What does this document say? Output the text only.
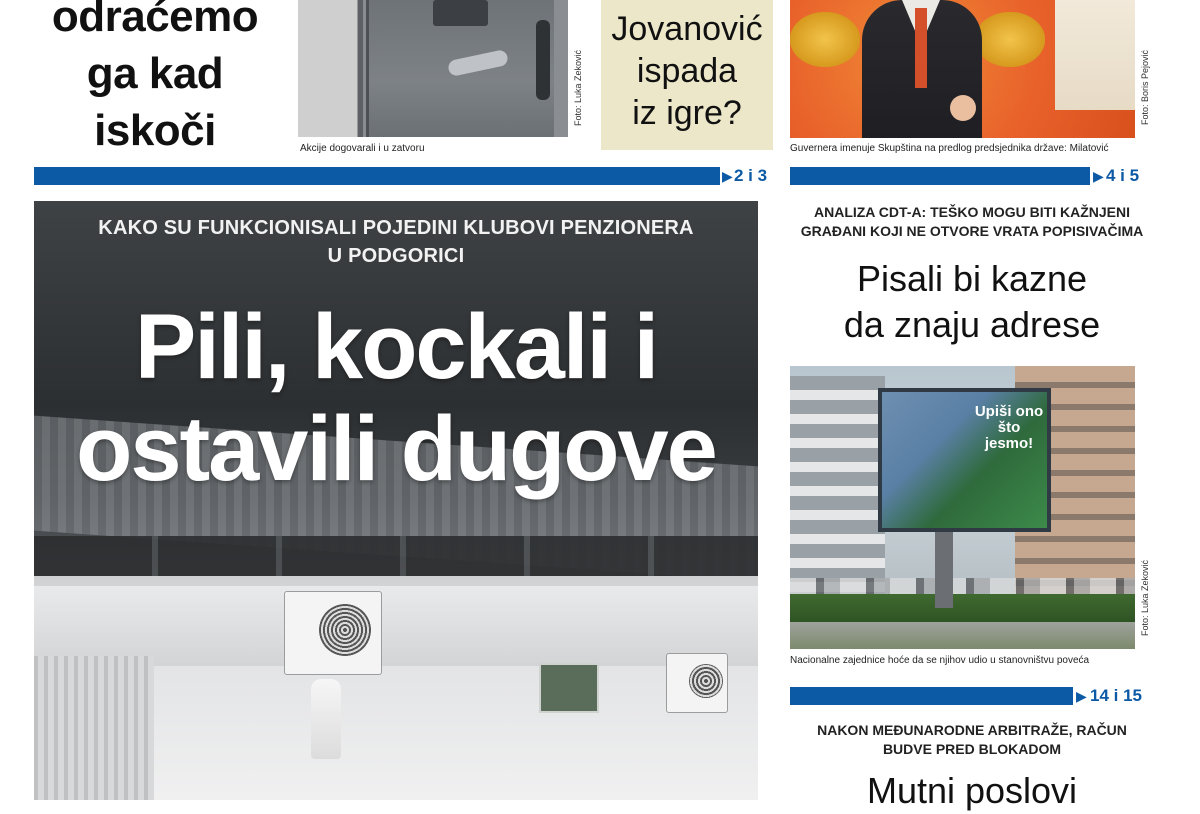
odraćemo
ga kad
iskoči
Foto: Luka Zeković
Akcije dogovarali i u zatvoru
Jovanović
ispada
iz igre?	Foto: Boris Pejović
Guvernera imenuje Skupština na predlog predsjednika države: Milatović
▶ 2 i 3	▶ 4 i 5
▶ 14 i 15
KAKO SU FUNKCIONISALI POJEDINI KLUBOVI PENZIONERA
U PODGORICI
Pili, kockali i
ostavili dugove
ANALIZA CDT-A: TEŠKO MOGU BITI KAŽNJENI
GRAĐANI KOJI NE OTVORE VRATA POPISIVAČIMA
Pisali bi kazne
da znaju adrese
Upiši ono
što jesmo!
Foto: Luka Zeković
Nacionalne zajednice hoće da se njihov udio u stanovništvu poveća
NAKON MEĐUNARODNE ARBITRAŽE, RAČUN
BUDVE PRED BLOKADOM
Mutni poslovi
